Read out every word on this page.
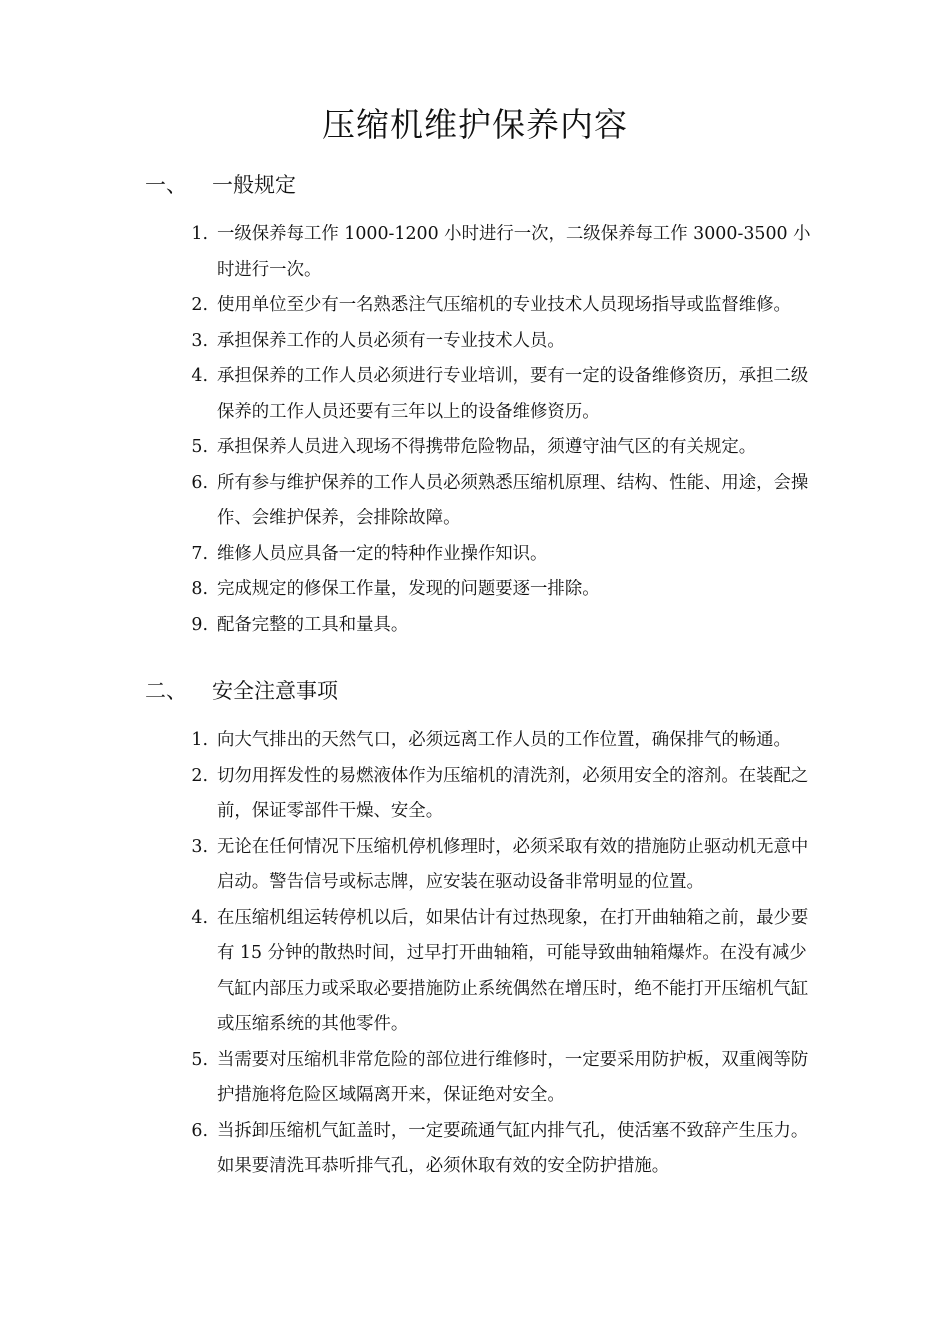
压缩机维护保养内容
一、 一般规定
1. 一级保养每工作 1000-1200 小时进行一次，二级保养每工作 3000-3500 小时进行一次。
2. 使用单位至少有一名熟悉注气压缩机的专业技术人员现场指导或监督维修。
3. 承担保养工作的人员必须有一专业技术人员。
4. 承担保养的工作人员必须进行专业培训，要有一定的设备维修资历，承担二级保养的工作人员还要有三年以上的设备维修资历。
5. 承担保养人员进入现场不得携带危险物品，须遵守油气区的有关规定。
6. 所有参与维护保养的工作人员必须熟悉压缩机原理、结构、性能、用途，会操作、会维护保养，会排除故障。
7. 维修人员应具备一定的特种作业操作知识。
8. 完成规定的修保工作量，发现的问题要逐一排除。
9. 配备完整的工具和量具。
二、 安全注意事项
1. 向大气排出的天然气口，必须远离工作人员的工作位置，确保排气的畅通。
2. 切勿用挥发性的易燃液体作为压缩机的清洗剂，必须用安全的溶剂。在装配之前，保证零部件干燥、安全。
3. 无论在任何情况下压缩机停机修理时，必须采取有效的措施防止驱动机无意中启动。警告信号或标志牌，应安装在驱动设备非常明显的位置。
4. 在压缩机组运转停机以后，如果估计有过热现象，在打开曲轴箱之前，最少要有 15 分钟的散热时间，过早打开曲轴箱，可能导致曲轴箱爆炸。在没有减少气缸内部压力或采取必要措施防止系统偶然在增压时，绝不能打开压缩机气缸或压缩系统的其他零件。
5. 当需要对压缩机非常危险的部位进行维修时，一定要采用防护板，双重阀等防护措施将危险区域隔离开来，保证绝对安全。
6. 当拆卸压缩机气缸盖时，一定要疏通气缸内排气孔，使活塞不致辞产生压力。如果要清洗耳恭听排气孔，必须休取有效的安全防护措施。
